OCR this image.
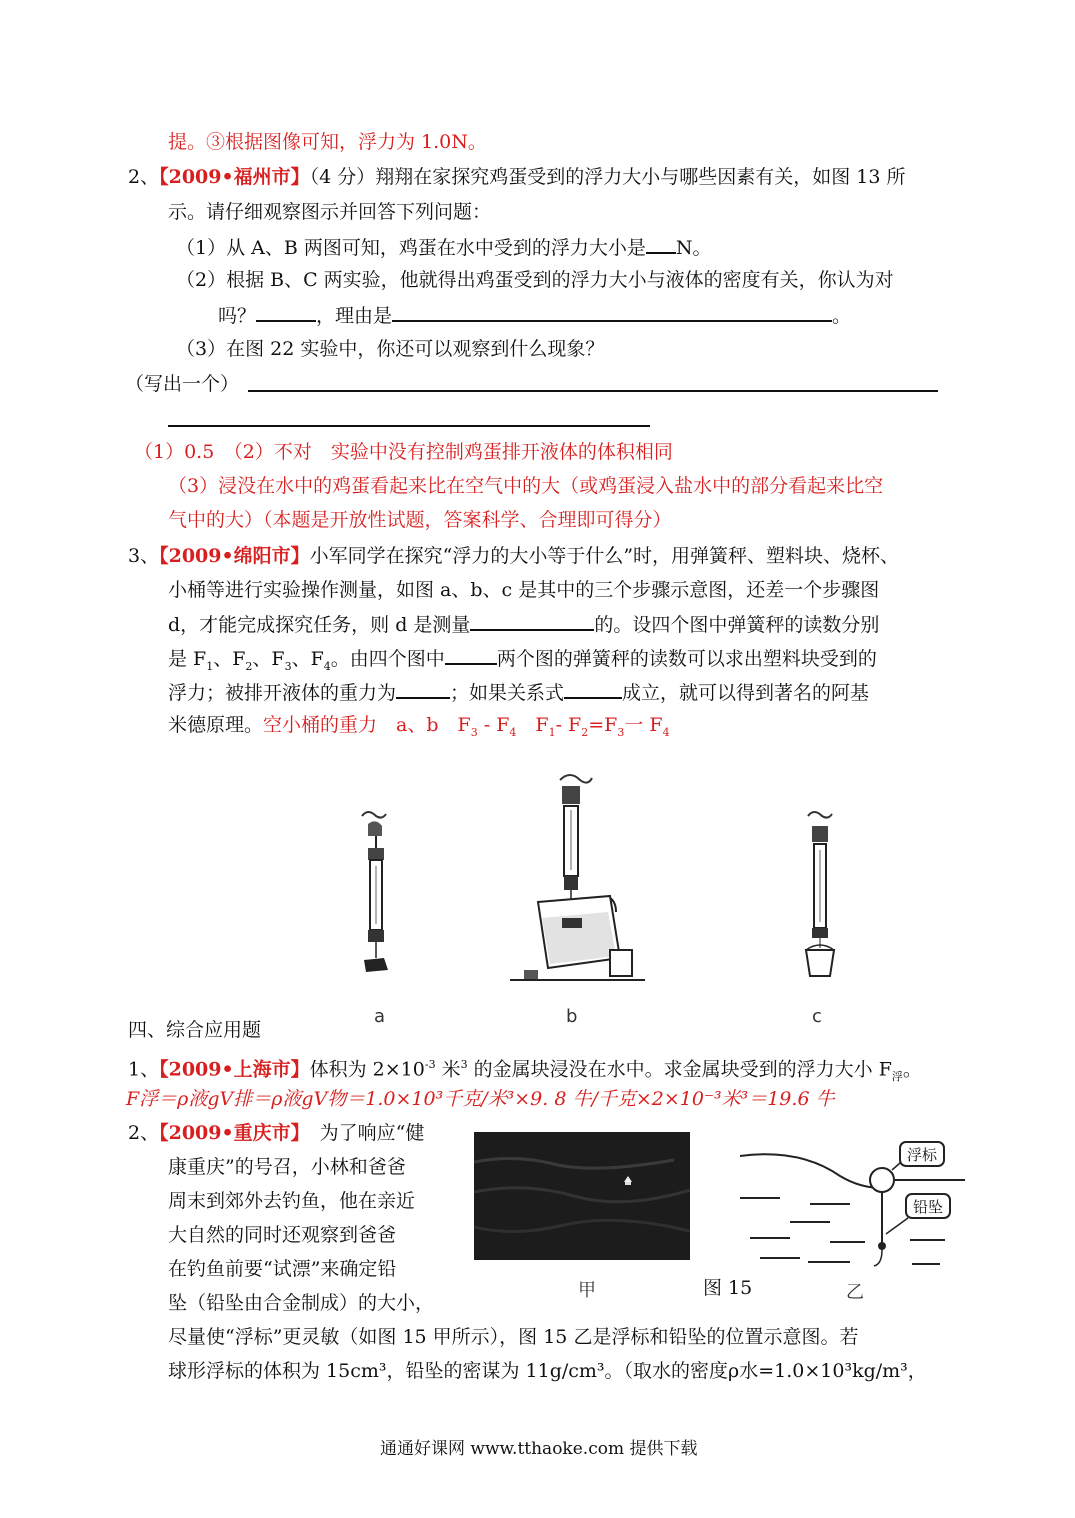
提。③根据图像可知，浮力为 1.0N。
2、【2009•福州市】（4 分）翔翔在家探究鸡蛋受到的浮力大小与哪些因素有关，如图 13 所
示。请仔细观察图示并回答下列问题：
（1）从 A、B 两图可知，鸡蛋在水中受到的浮力大小是 N。
（2）根据 B、C 两实验，他就得出鸡蛋受到的浮力大小与液体的密度有关，你认为对
吗？	，理由是	。
（3）在图 22 实验中，你还可以观察到什么现象？
（写出一个）
（1）0.5　（2）不对　实验中没有控制鸡蛋排开液体的体积相同
（3）浸没在水中的鸡蛋看起来比在空气中的大（或鸡蛋浸入盐水中的部分看起来比空
气中的大）（本题是开放性试题，答案科学、合理即可得分）
3、【2009•绵阳市】小军同学在探究“浮力的大小等于什么”时，用弹簧秤、塑料块、烧杯、
小桶等进行实验操作测量，如图 a、b、c 是其中的三个步骤示意图，还差一个步骤图
d，才能完成探究任务，则 d 是测量	的。设四个图中弹簧秤的读数分别
是 $F_1$、$F_2$、$F_3$、$F_4$。由四个图中	两个图的弹簧秤的读数可以求出塑料块受到的
浮力；被排开液体的重力为	；如果关系式	成立，就可以得到著名的阿基
米德原理。空小桶的重力　a、b　$F_3 - F_4$　$F_1-$ $F_2=F_3$一 $F_4$
a	b	c
四、综合应用题
1、【2009•上海市】体积为 $2\times 10^{-3}$ 米$^3$ 的金属块浸没在水中。求金属块受到的浮力大小 $F_浮$。
F浮＝ρ液gV排＝ρ液gV物＝1.0×10³千克/米³×9. 8 牛/千克×2×10⁻³米³＝19.6 牛
2、【2009•重庆市】 为了响应“健
康重庆”的号召，小林和爸爸
周末到郊外去钓鱼，他在亲近
大自然的同时还观察到爸爸
在钓鱼前要“试漂”来确定铅
坠（铅坠由合金制成）的大小，
尽量使“浮标”更灵敏（如图 15 甲所示），图 15 乙是浮标和铅坠的位置示意图。若
球形浮标的体积为 15cm³，铅坠的密谋为 11g/cm³。（取水的密度ρ水=1.0×10³kg/m³，
甲	图 15
浮标
铅坠
乙
通通好课网 www.tthaoke.com 提供下载
